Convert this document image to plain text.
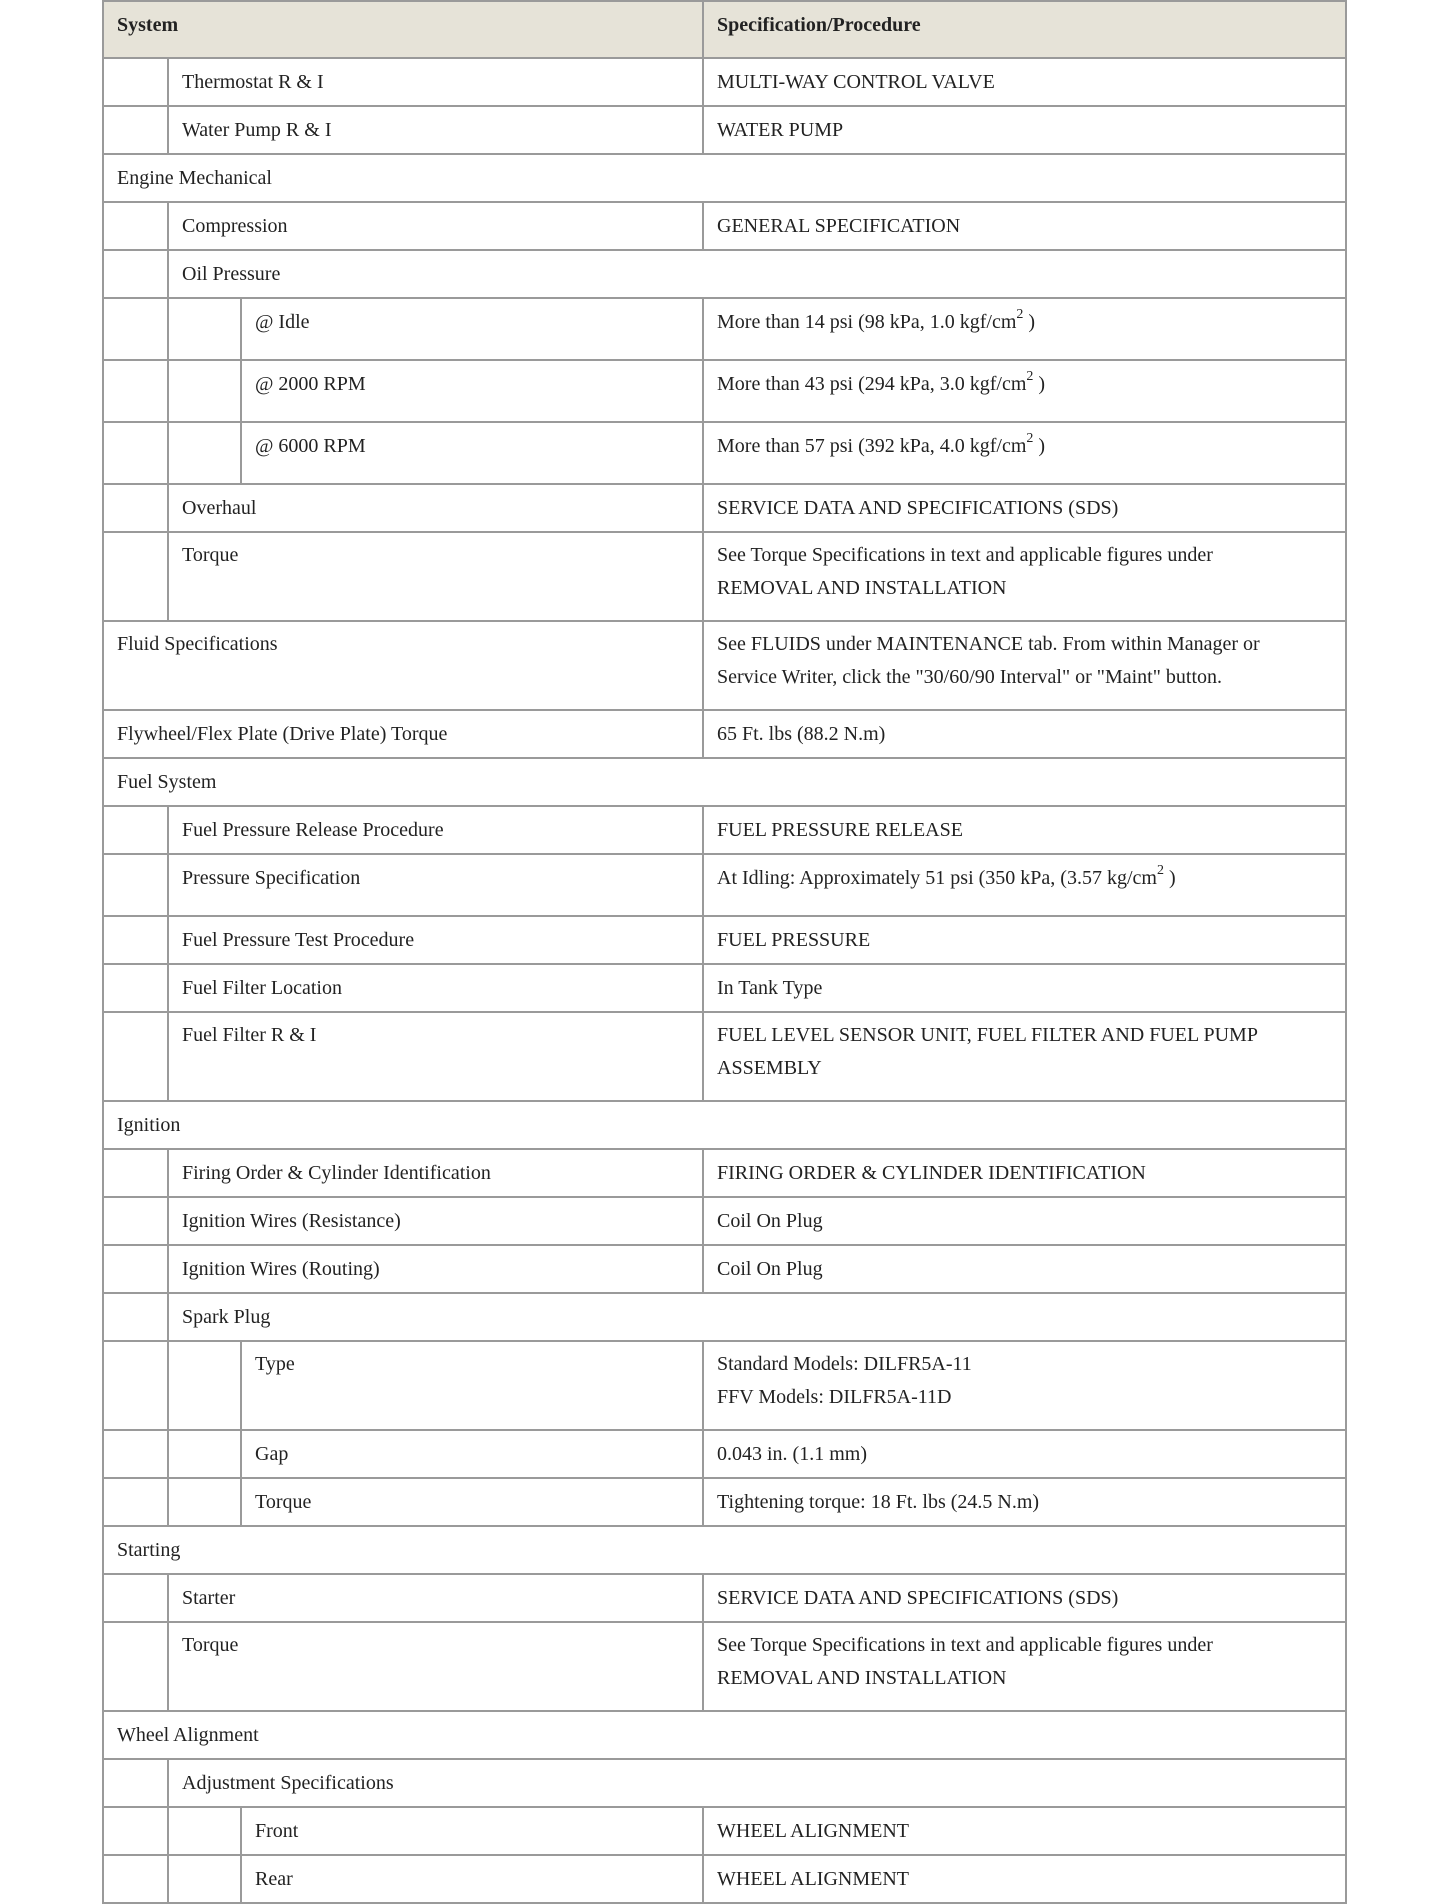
System			Specification/Procedure
	Thermostat R & I		MULTI-WAY CONTROL VALVE

	Water Pump R & I		WATER PUMP

Engine Mechanical			
	Compression		GENERAL SPECIFICATION

	Oil Pressure		
		@ Idle	More than 14 psi (98 kPa, 1.0 kgf/$cm^2$ )

		@ 2000 RPM	More than 43 psi (294 kPa, 3.0 kgf/$cm^2$ )

		@ 6000 RPM	More than 57 psi (392 kPa, 4.0 kgf/$cm^2$ )

	Overhaul		SERVICE DATA AND SPECIFICATIONS (SDS)

	Torque		See Torque Specifications in text and applicable figures under
REMOVAL AND INSTALLATION

Fluid Specifications			See FLUIDS under MAINTENANCE tab. From within Manager or
Service Writer, click the "30/60/90 Interval" or "Maint" button.

Flywheel/Flex Plate (Drive Plate) Torque			65 Ft. lbs (88.2 N.m)

Fuel System			
	Fuel Pressure Release Procedure		FUEL PRESSURE RELEASE

	Pressure Specification		At Idling: Approximately 51 psi (350 kPa, (3.57 $kg/cm^2$ )

	Fuel Pressure Test Procedure		FUEL PRESSURE

	Fuel Filter Location		In Tank Type

	Fuel Filter R & I		FUEL LEVEL SENSOR UNIT, FUEL FILTER AND FUEL PUMP
ASSEMBLY

Ignition			
	Firing Order & Cylinder Identification		FIRING ORDER & CYLINDER IDENTIFICATION

	Ignition Wires (Resistance)		Coil On Plug

	Ignition Wires (Routing)		Coil On Plug

	Spark Plug		
		Type	Standard Models: DILFR5A-11
FFV Models: DILFR5A-11D

		Gap	0.043 in. (1.1 mm)

		Torque	Tightening torque: 18 Ft. lbs (24.5 N.m)

Starting			
	Starter		SERVICE DATA AND SPECIFICATIONS (SDS)

	Torque		See Torque Specifications in text and applicable figures under
REMOVAL AND INSTALLATION

Wheel Alignment			
	Adjustment Specifications		
		Front	WHEEL ALIGNMENT

		Rear	WHEEL ALIGNMENT
